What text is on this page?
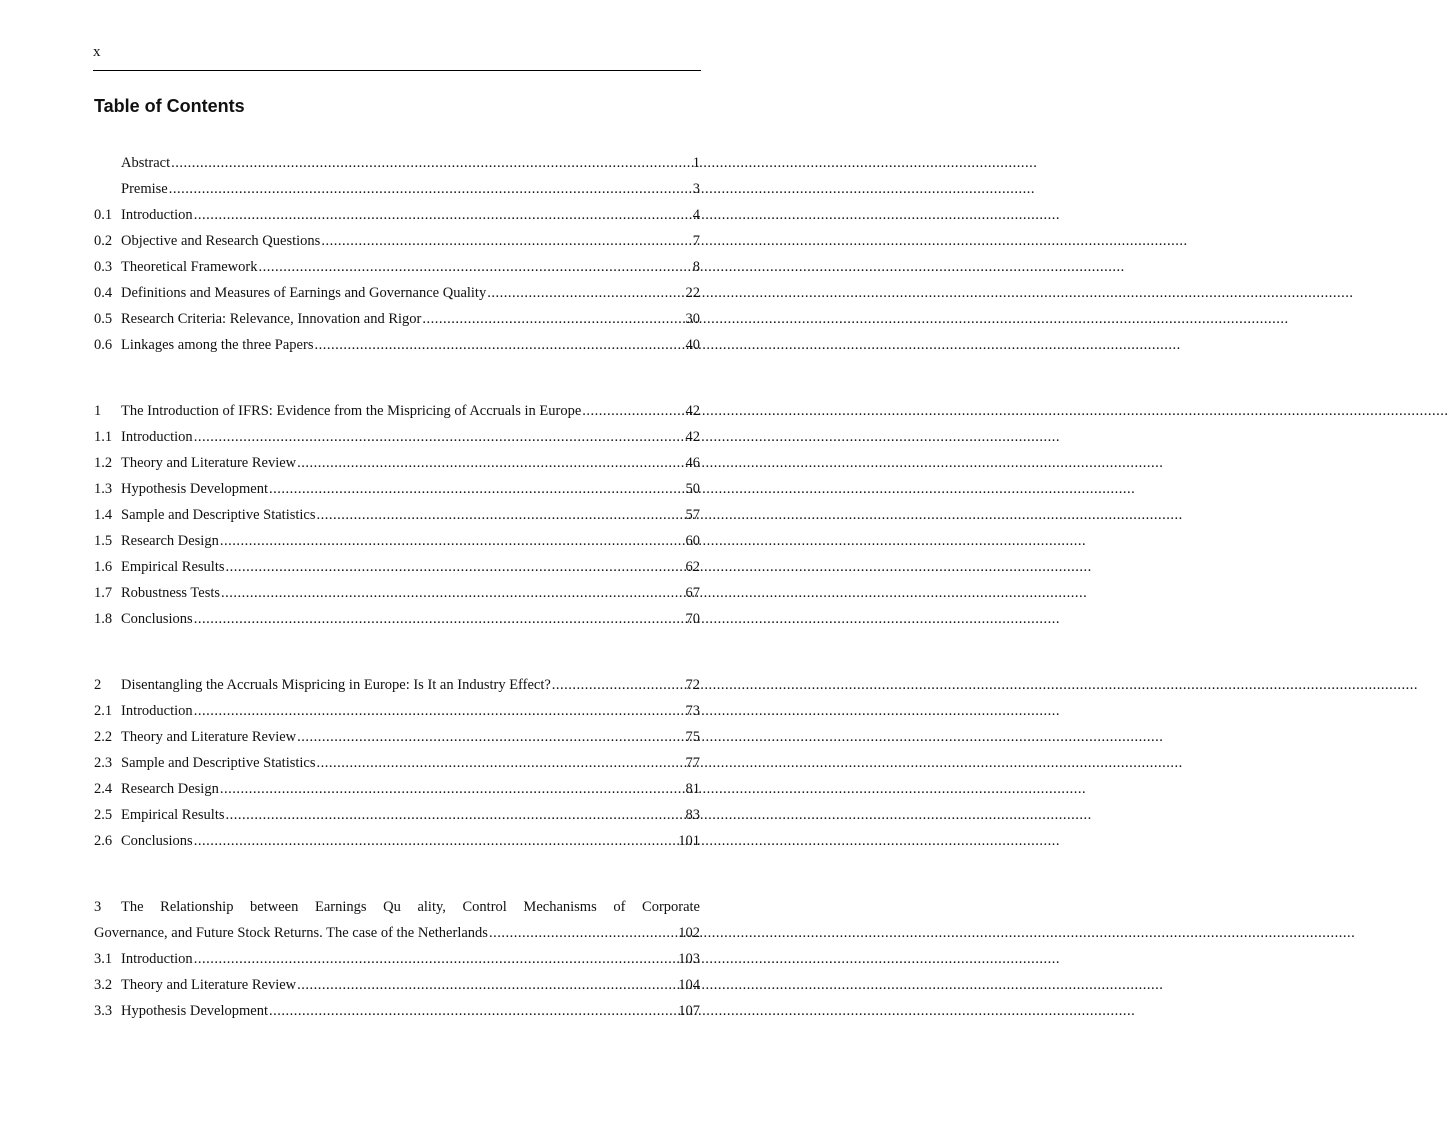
x
Table of Contents
Abstract .....	1
Premise .....	3
0.1 Introduction .....	4
0.2 Objective and Research Questions .....	7
0.3 Theoretical Framework .....	8
0.4 Definitions and Measures of Earnings and Governance Quality .....	22
0.5 Research Criteria: Relevance, Innovation and Rigor .....	30
0.6 Linkages among the three Papers .....	40
1	The Introduction of IFRS: Evidence from the Mispricing of Accruals in Europe .....	42
1.1 Introduction .....	42
1.2 Theory and Literature Review .....	46
1.3 Hypothesis Development .....	50
1.4 Sample and Descriptive Statistics .....	57
1.5 Research Design .....	60
1.6 Empirical Results .....	62
1.7 Robustness Tests .....	67
1.8 Conclusions .....	70
2	Disentangling the Accruals Mispricing in Europe: Is It an Industry Effect? .....	72
2.1 Introduction .....	73
2.2 Theory and Literature Review .....	75
2.3 Sample and Descriptive Statistics .....	77
2.4 Research Design .....	81
2.5 Empirical Results .....	83
2.6 Conclusions .....	101
3 The Relationship between Earnings Qu ality, Control Mechanisms of Corporate
Governance, and Future Stock Returns. The case of the Netherlands .....	102
3.1 Introduction .....	103
3.2 Theory and Literature Review .....	104
3.3 Hypothesis Development .....	107
